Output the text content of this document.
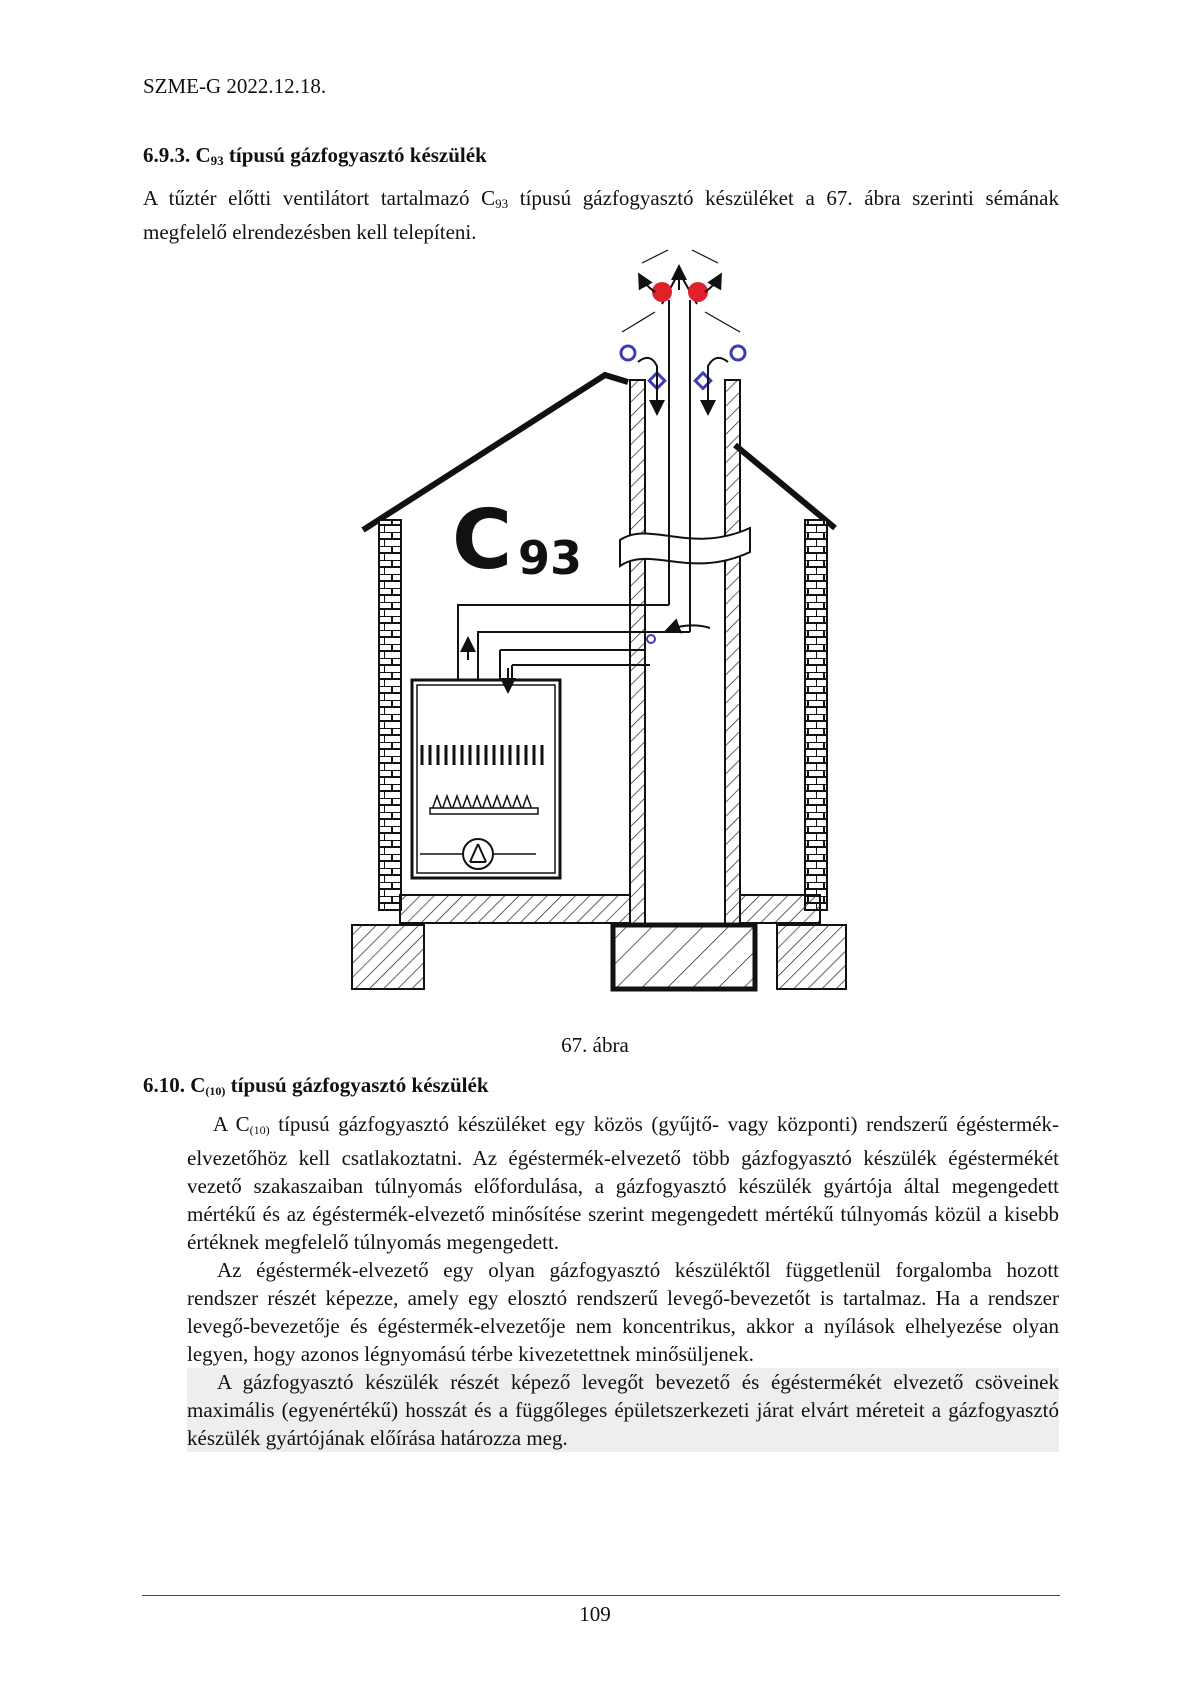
SZME-G 2022.12.18.
6.9.3. $C_{93}$ típusú gázfogyasztó készülék
A tűztér előtti ventilátort tartalmazó $C_{93}$ típusú gázfogyasztó készüléket a 67. ábra szerinti sémának megfelelő elrendezésben kell telepíteni.
C 93
67. ábra
6.10. C(10) típusú gázfogyasztó készülék
A C(10) típusú gázfogyasztó készüléket egy közös (gyűjtő- vagy központi) rendszerű égéstermék-elvezetőhöz kell csatlakoztatni. Az égéstermék-elvezető több gázfogyasztó készülék égéstermékét vezető szakaszaiban túlnyomás előfordulása, a gázfogyasztó készülék gyártója által megengedett mértékű és az égéstermék-elvezető minősítése szerint megengedett mértékű túlnyomás közül a kisebb értéknek megfelelő túlnyomás megengedett.
Az égéstermék-elvezető egy olyan gázfogyasztó készüléktől függetlenül forgalomba hozott rendszer részét képezze, amely egy elosztó rendszerű levegő-bevezetőt is tartalmaz. Ha a rendszer levegő-bevezetője és égéstermék-elvezetője nem koncentrikus, akkor a nyílások elhelyezése olyan legyen, hogy azonos légnyomású térbe kivezetettnek minősüljenek.
A gázfogyasztó készülék részét képező levegőt bevezető és égéstermékét elvezető csöveinek maximális (egyenértékű) hosszát és a függőleges épületszerkezeti járat elvárt méreteit a gázfogyasztó készülék gyártójának előírása határozza meg.
109
